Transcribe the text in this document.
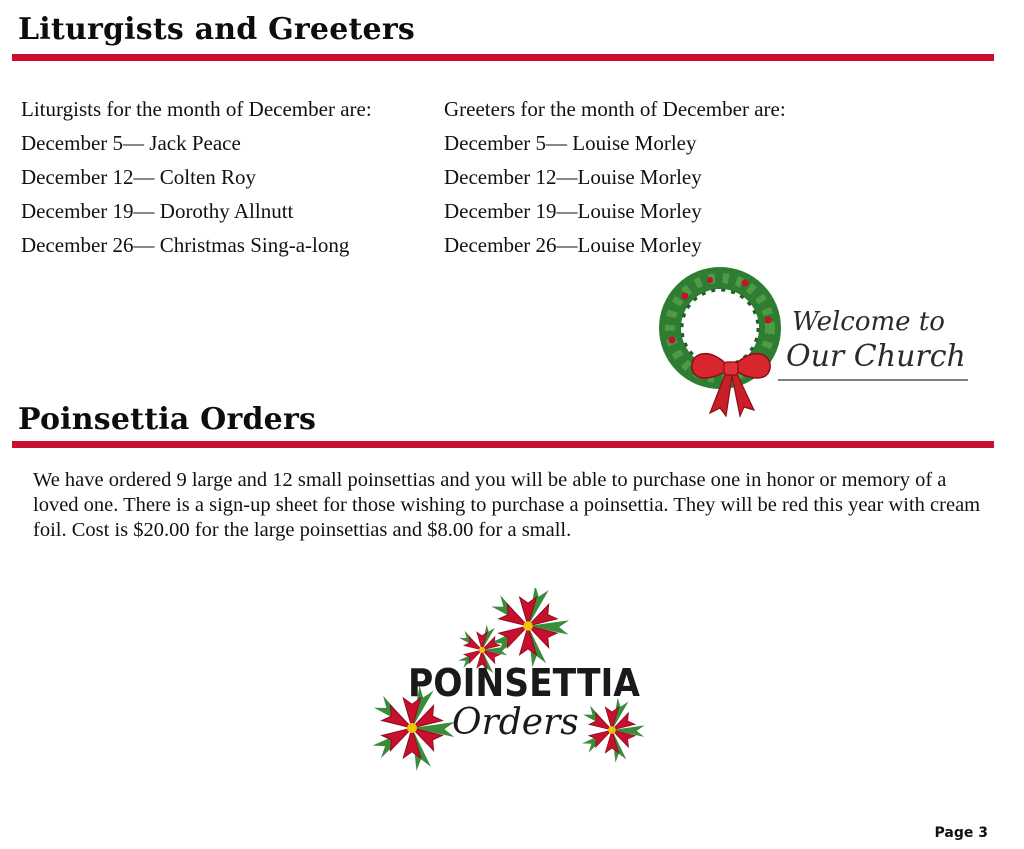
Liturgists and Greeters
Liturgists for the month of December are:
December 5— Jack Peace
December 12— Colten Roy
December 19— Dorothy Allnutt
December 26— Christmas Sing-a-long
Greeters for the month of December are:
December 5— Louise Morley
December 12—Louise Morley
December 19—Louise Morley
December 26—Louise Morley
Welcome to
Our Church
Poinsettia Orders

We have ordered 9 large and 12 small poinsettias and you will be able to purchase one in honor or memory of a loved one. There is a sign-up sheet for those wishing to purchase a poinsettia. They will be red this year with cream foil. Cost is $20.00 for the large poinsettias and $8.00 for a small.

POINSETTIA
Orders
Page 3
